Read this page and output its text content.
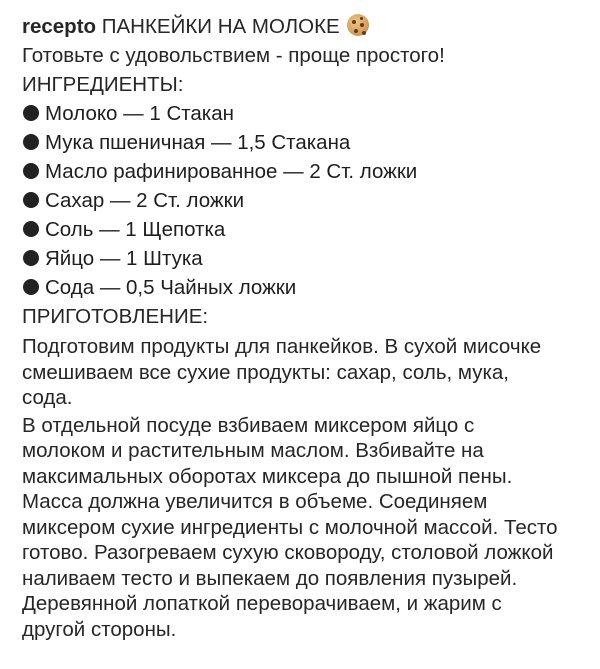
recepto ПАНКЕЙКИ НА МОЛОКЕ
Готовьте с удовольствием - проще простого!
ИНГРЕДИЕНТЫ:
Молоко — 1 Стакан
Мука пшеничная — 1,5 Стакана
Масло рафинированное — 2 Ст. ложки
Сахар — 2 Ст. ложки
Соль — 1 Щепотка
Яйцо — 1 Штука
Сода — 0,5 Чайных ложки
ПРИГОТОВЛЕНИЕ:
Подготовим продукты для панкейков. В сухой мисочке смешиваем все сухие продукты: сахар, соль, мука, сода.
В отдельной посуде взбиваем миксером яйцо с молоком и растительным маслом. Взбивайте на максимальных оборотах миксера до пышной пены. Масса должна увеличится в объеме. Соединяем миксером сухие ингредиенты с молочной массой. Тесто готово. Разогреваем сухую сковороду, столовой ложкой наливаем тесто и выпекаем до появления пузырей. Деревянной лопаткой переворачиваем, и жарим с другой стороны.
